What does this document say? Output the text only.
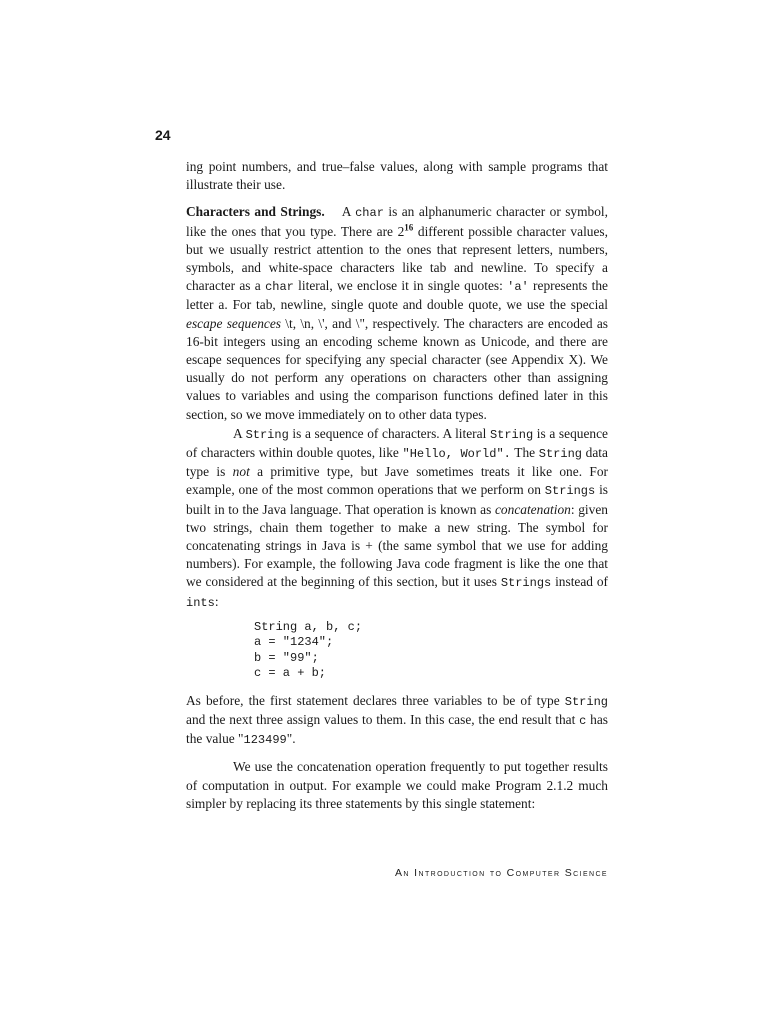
24

ing point numbers, and true–false values, along with sample programs that illustrate their use.

Characters and Strings. A char is an alphanumeric character or symbol, like the ones that you type. There are $2^{16}$ different possible character values, but we usually restrict attention to the ones that represent letters, numbers, symbols, and white-space characters like tab and newline. To specify a character as a char literal, we enclose it in single quotes: 'a' represents the letter a. For tab, newline, single quote and double quote, we use the special escape sequences \t, \n, \', and \", respectively. The characters are encoded as 16-bit integers using an encoding scheme known as Unicode, and there are escape sequences for specifying any special character (see Appendix X). We usually do not perform any operations on characters other than assigning values to variables and using the comparison functions defined later in this section, so we move immediately on to other data types.

A String is a sequence of characters. A literal String is a sequence of characters within double quotes, like "Hello, World". The String data type is not a primitive type, but Jave sometimes treats it like one. For example, one of the most common operations that we perform on Strings is built in to the Java language. That operation is known as concatenation: given two strings, chain them together to make a new string. The symbol for concatenating strings in Java is + (the same symbol that we use for adding numbers). For example, the following Java code fragment is like the one that we considered at the beginning of this section, but it uses Strings instead of ints:

String a, b, c;
a = "1234";
b = "99";
c = a + b;

As before, the first statement declares three variables to be of type String and the next three assign values to them. In this case, the end result that c has the value "123499".

We use the concatenation operation frequently to put together results of computation in output. For example we could make Program 2.1.2 much simpler by replacing its three statements by this single statement:

An Introduction to Computer Science
